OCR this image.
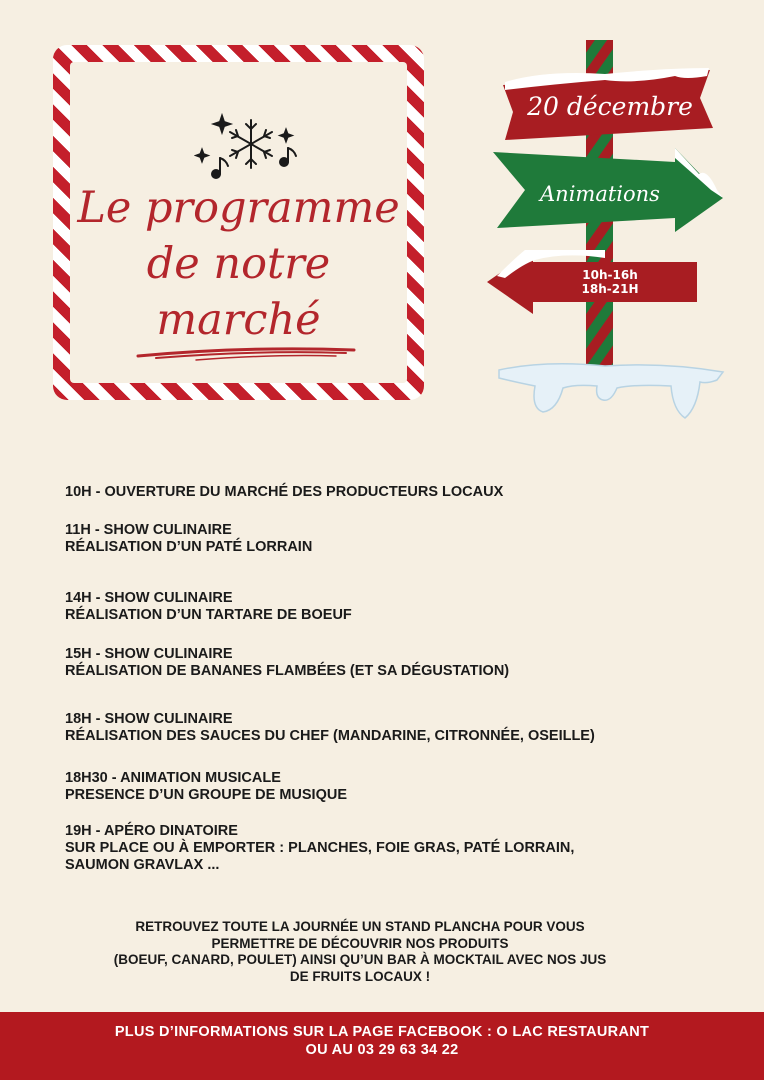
Le programme
de notre
marché
20 décembre
Animations
10h-16h
18h-21H
10H - OUVERTURE DU MARCHÉ DES PRODUCTEURS LOCAUX
11H - SHOW CULINAIRE
RÉALISATION D’UN PATÉ LORRAIN
14H - SHOW CULINAIRE
RÉALISATION D’UN TARTARE DE BOEUF
15H - SHOW CULINAIRE
RÉALISATION DE BANANES FLAMBÉES (ET SA DÉGUSTATION)
18H - SHOW CULINAIRE
RÉALISATION DES SAUCES DU CHEF (MANDARINE, CITRONNÉE, OSEILLE)
18H30 - ANIMATION MUSICALE
PRESENCE D’UN GROUPE DE MUSIQUE
19H - APÉRO DINATOIRE
SUR PLACE OU À EMPORTER : PLANCHES, FOIE GRAS, PATÉ LORRAIN,
SAUMON GRAVLAX ...
RETROUVEZ TOUTE LA JOURNÉE UN STAND PLANCHA POUR VOUS
PERMETTRE DE DÉCOUVRIR NOS PRODUITS
(BOEUF, CANARD, POULET) AINSI QU’UN BAR À MOCKTAIL AVEC NOS JUS
DE FRUITS LOCAUX !
PLUS D’INFORMATIONS SUR LA PAGE FACEBOOK : O LAC RESTAURANT
OU AU 03 29 63 34 22
